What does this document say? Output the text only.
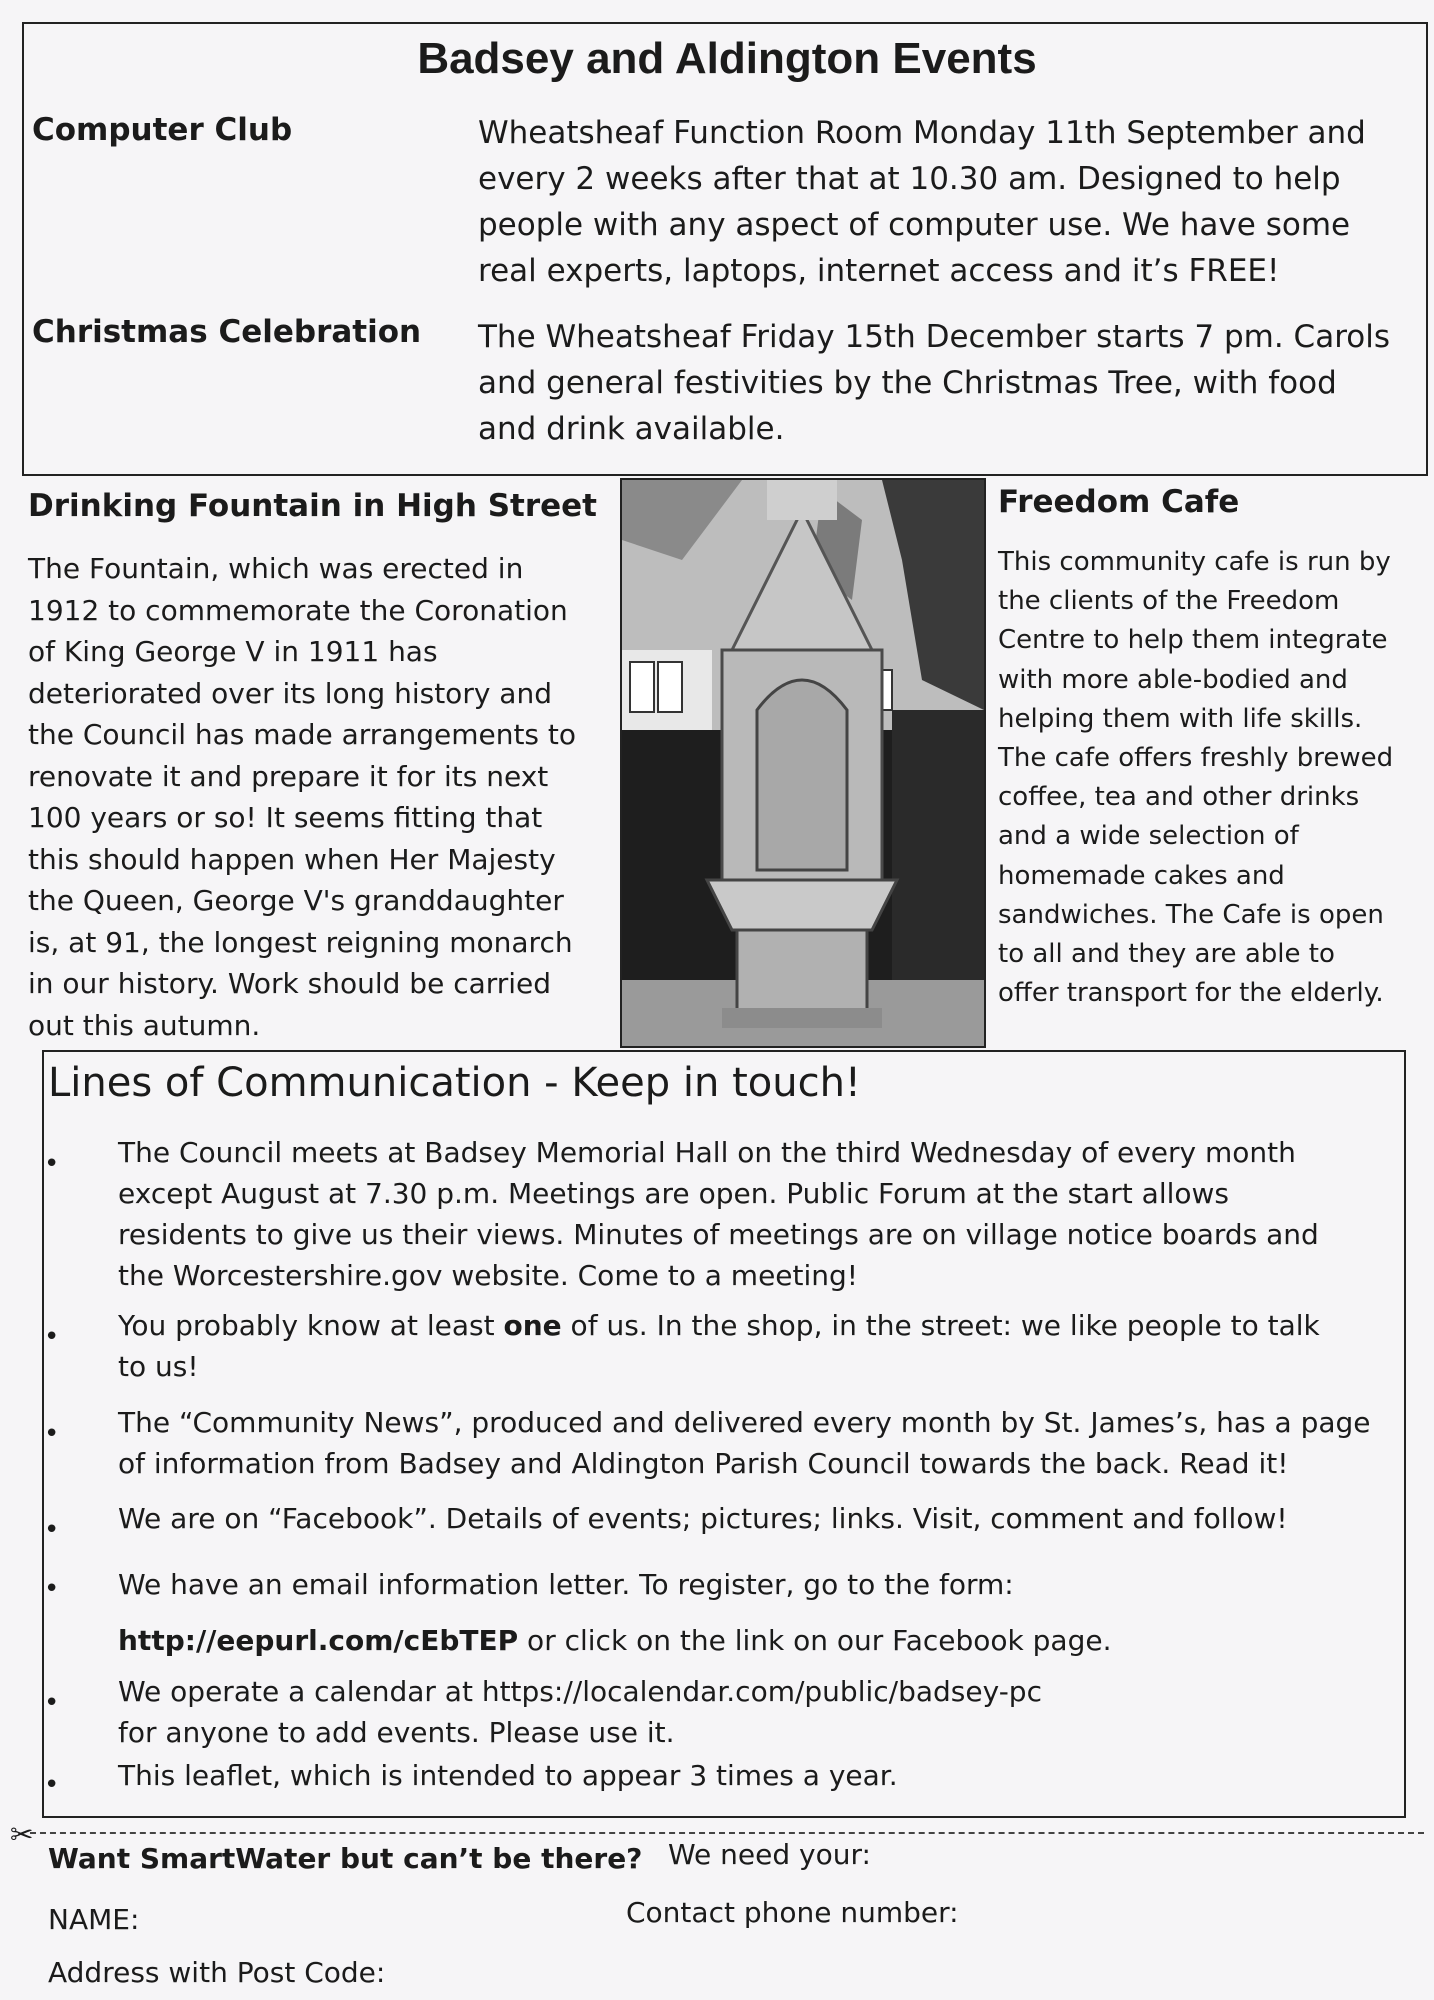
Badsey and Aldington Events
Computer Club	Wheatsheaf Function Room Monday 11th September and
every 2 weeks after that at 10.30 am. Designed to help
people with any aspect of computer use. We have some
real experts, laptops, internet access and it’s FREE!
Christmas Celebration The Wheatsheaf Friday 15th December starts 7 pm. Carols
and general festivities by the Christmas Tree, with food
and drink available.
Drinking Fountain in High Street
The Fountain, which was erected in
1912 to commemorate the Coronation
of King George V in 1911 has
deteriorated over its long history and
the Council has made arrangements to
renovate it and prepare it for its next
100 years or so! It seems fitting that
this should happen when Her Majesty
the Queen, George V's granddaughter
is, at 91, the longest reigning monarch
in our history. Work should be carried
out this autumn.
Freedom Cafe
This community cafe is run by
the clients of the Freedom
Centre to help them integrate
with more able-bodied and
helping them with life skills.
The cafe offers freshly brewed
coffee, tea and other drinks
and a wide selection of
homemade cakes and
sandwiches. The Cafe is open
to all and they are able to
offer transport for the elderly.
Lines of Communication - Keep in touch!
• The Council meets at Badsey Memorial Hall on the third Wednesday of every month
except August at 7.30 p.m. Meetings are open. Public Forum at the start allows
residents to give us their views. Minutes of meetings are on village notice boards and
the Worcestershire.gov website. Come to a meeting!
• You probably know at least one of us. In the shop, in the street: we like people to talk
to us!
• The “Community News”, produced and delivered every month by St. James’s, has a page
of information from Badsey and Aldington Parish Council towards the back. Read it!
• We are on “Facebook”. Details of events; pictures; links. Visit, comment and follow!
• We have an email information letter. To register, go to the form:
http://eepurl.com/cEbTEP or click on the link on our Facebook page.
• We operate a calendar at https://localendar.com/public/badsey-pc
for anyone to add events. Please use it.
• This leaflet, which is intended to appear 3 times a year.
✂
Want SmartWater but can’t be there? We need your:
NAME:	Contact phone number:
Address with Post Code:
